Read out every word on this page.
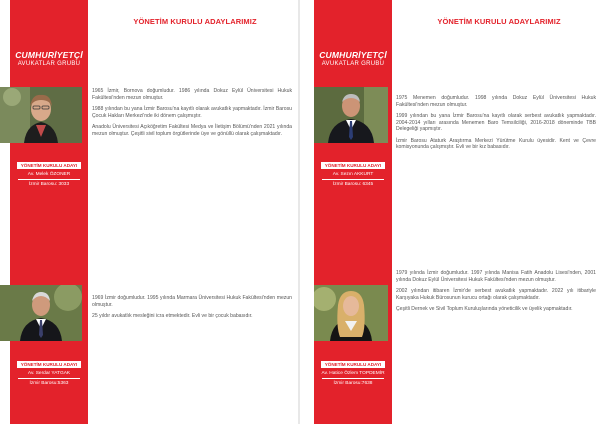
YÖNETİM KURULU ADAYLARIMIZ
CUMHURİYETÇİ
AVUKATLAR GRUBU
YÖNETİM KURULU ADAYI
Av. Melek ÖZONER
İzmir Barosu: 3033

1965 İzmir, Bornova doğumludur. 1986 yılında Dokuz Eylül Üniversitesi Hukuk Fakültesi'nden mezun olmuştur.

1988 yılından bu yana İzmir Barosu'na kayıtlı olarak avukatlık yapmaktadır. İzmir Barosu Çocuk Hakları Merkezi'nde iki dönem çalışmıştır.

Anadolu Üniversitesi Açıköğretim Fakültesi Medya ve İletişim Bölümü'nden 2021 yılında mezun olmuştur. Çeşitli sivil toplum örgütlerinde üye ve gönüllü olarak çalışmaktadır.

YÖNETİM KURULU ADAYI
Av. Serdar YATGAK
İzmir Barosu:5363

1969 İzmir doğumludur. 1995 yılında Marmara Üniversitesi Hukuk Fakültesi'nden mezun olmuştur.

25 yıldır avukatlık mesleğini icra etmektedir. Evli ve bir çocuk babasıdır.

YÖNETİM KURULU ADAYLARIMIZ
CUMHURİYETÇİ
AVUKATLAR GRUBU
YÖNETİM KURULU ADAYI
Av. Sezın AKKURT
İzmir Barosu: 6345

1975 Menemen doğumludur. 1998 yılında Dokuz Eylül Üniversitesi Hukuk Fakültesi'nden mezun olmuştur.

1999 yılından bu yana İzmir Barosu'na kayıtlı olarak serbest avukatlık yapmaktadır. 2004-2014 yılları arasında Menemen Baro Temsilciliği, 2016-2018 döneminde TBB Delegeliği yapmıştır.

İzmir Barosu Ataturk Araştırma Merkezi Yürütme Kurulu üyesidir. Kent ve Çevre komisyonunda çalışmıştır. Evli ve bir kız babasıdır.

YÖNETİM KURULU ADAYI
Av. Hatice Özlem TOPDEMİR
İzmir Barosu:7638

1979 yılında İzmir doğumludur. 1997 yılında Manisa Fatih Anadolu Lisesi'nden, 2001 yılında Dokuz Eylül Üniversitesi Hukuk Fakültesi'nden mezun olmuştur.

2002 yılından itibaren İzmir'de serbest avukatlık yapmaktadır. 2022 yılı itibariyle Karşıyaka Hukuk Bürosunun kurucu ortağı olarak çalışmaktadır.

Çeşitli Dernek ve Sivil Toplum Kuruluşlarında yöneticilik ve üyelik yapmaktadır.
